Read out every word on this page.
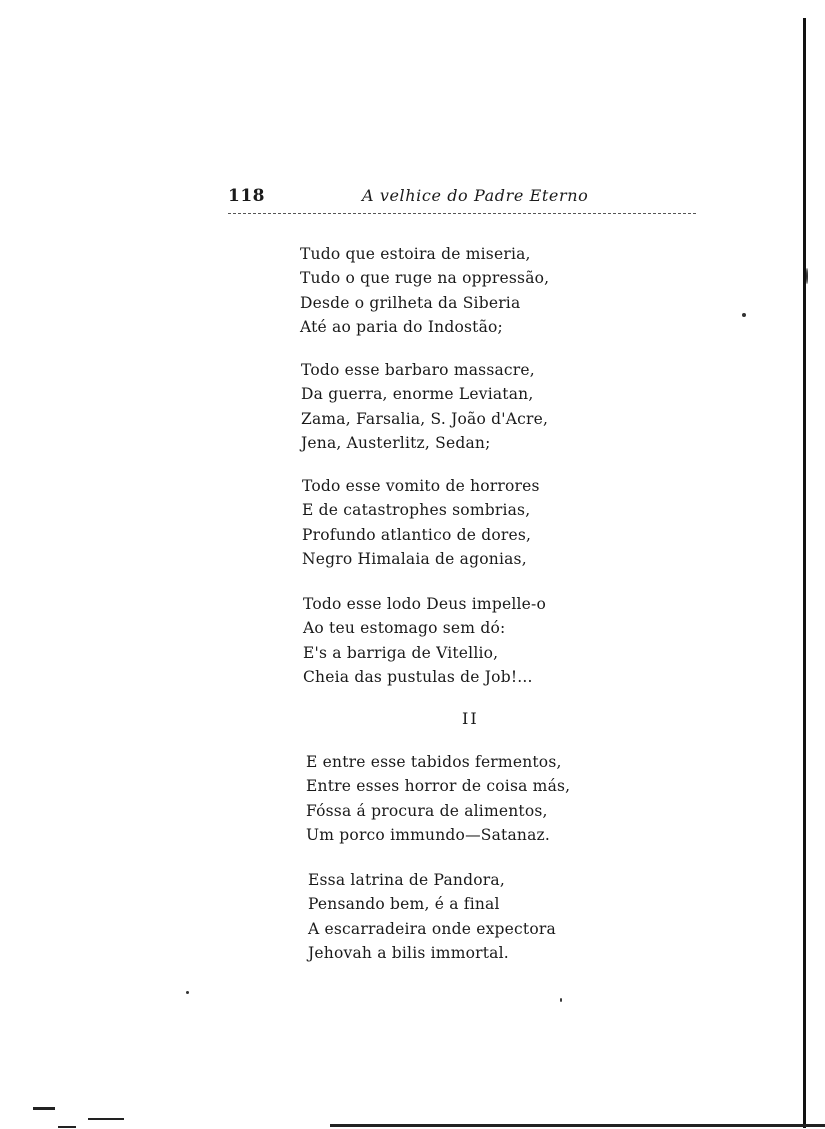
118	A velhice do Padre Eterno
Tudo que estoira de miseria,
Tudo o que ruge na oppressão,
Desde o grilheta da Siberia
Até ao paria do Indostão;
Todo esse barbaro massacre,
Da guerra, enorme Leviatan,
Zama, Farsalia, S. João d'Acre,
Jena, Austerlitz, Sedan;
Todo esse vomito de horrores
E de catastrophes sombrias,
Profundo atlantico de dores,
Negro Himalaia de agonias,
Todo esse lodo Deus impelle-o
Ao teu estomago sem dó:
E's a barriga de Vitellio,
Cheia das pustulas de Job!...
II
E entre esse tabidos fermentos,
Entre esses horror de coisa más,
Fóssa á procura de alimentos,
Um porco immundo—Satanaz.
Essa latrina de Pandora,
Pensando bem, é a final
A escarradeira onde expectora
Jehovah a bilis immortal.
